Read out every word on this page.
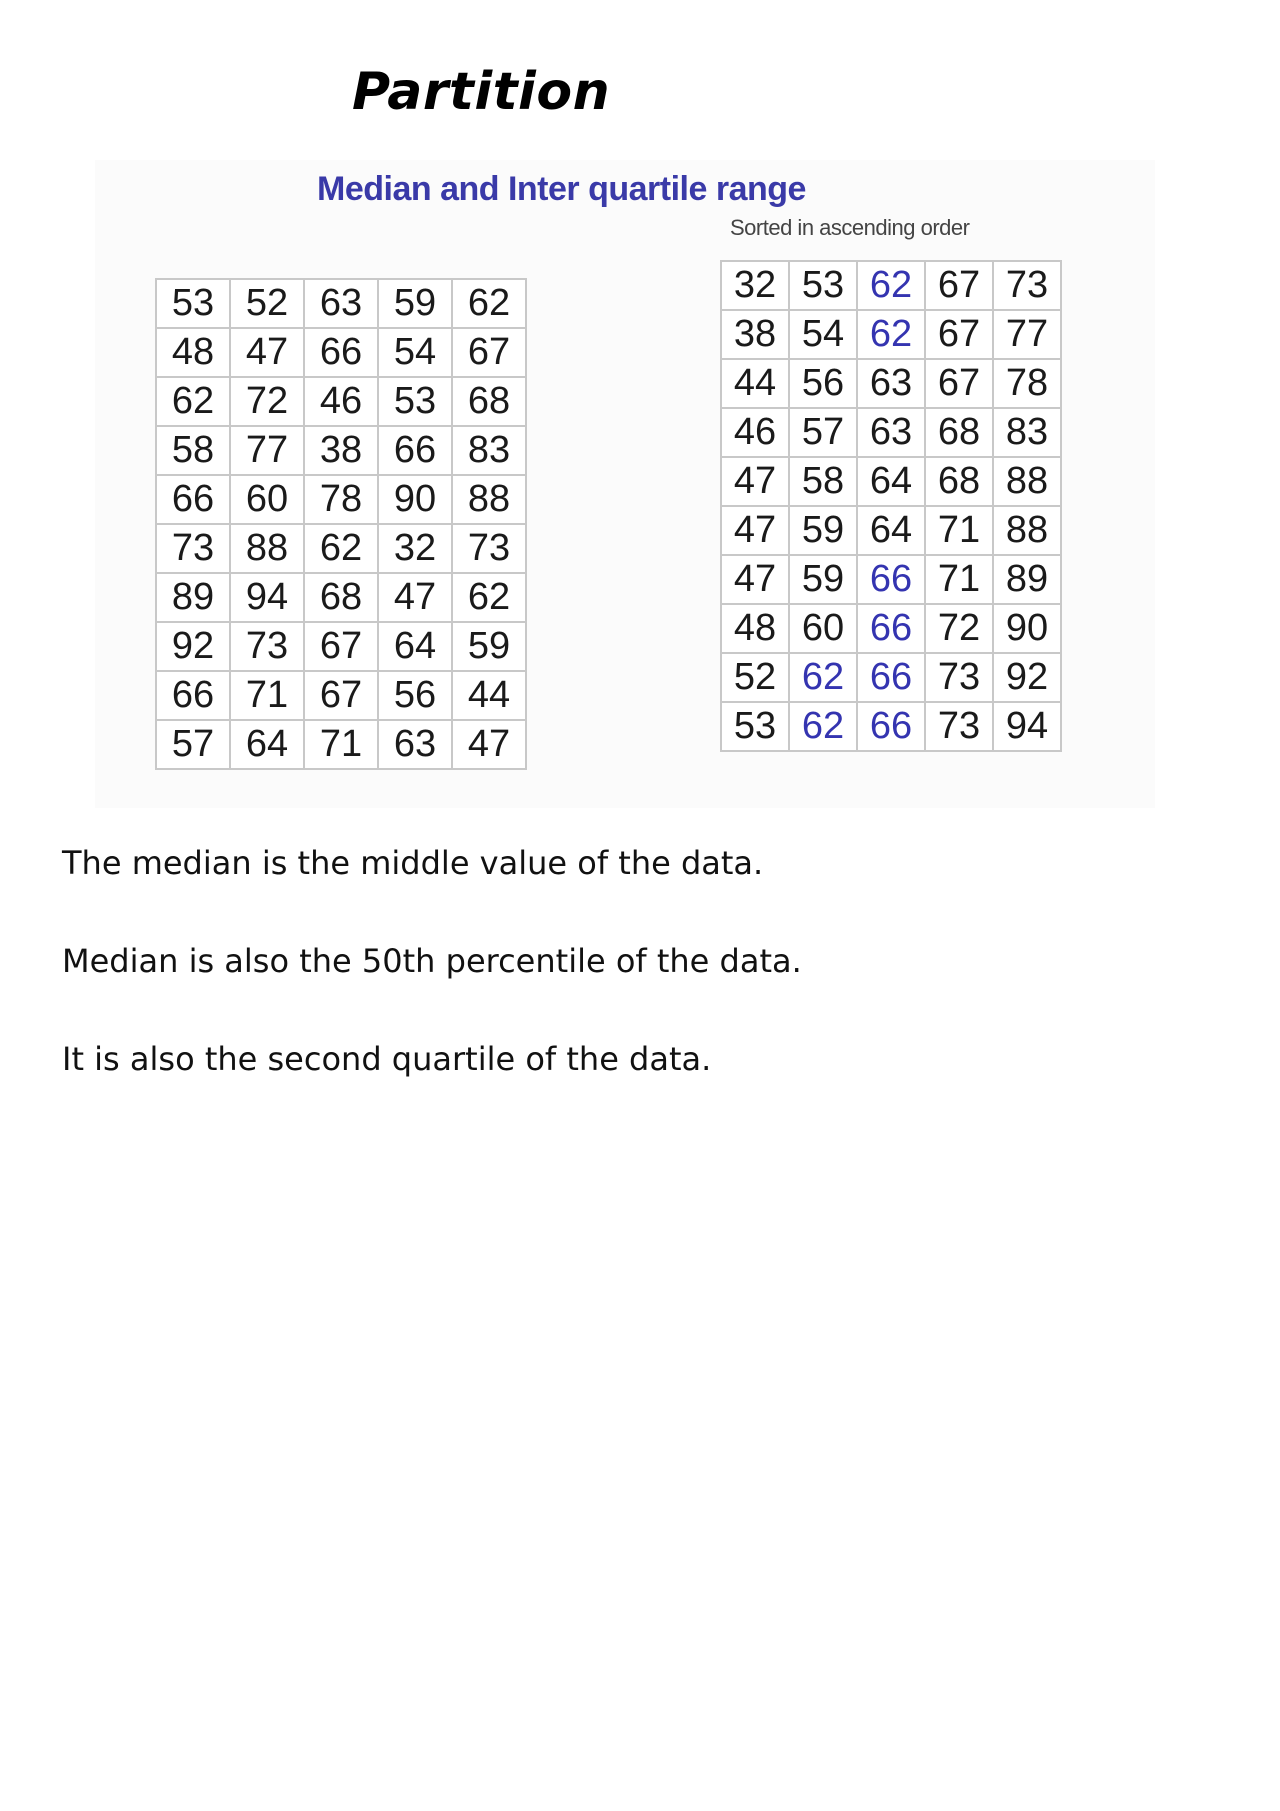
Partition
Median and Inter quartile range
Sorted in ascending order
53	52	63	59	62
48	47	66	54	67
62	72	46	53	68
58	77	38	66	83
66	60	78	90	88
73	88	62	32	73
89	94	68	47	62
92	73	67	64	59
66	71	67	56	44
57	64	71	63	47
32	53	62	67	73
38	54	62	67	77
44	56	63	67	78
46	57	63	68	83
47	58	64	68	88
47	59	64	71	88
47	59	66	71	89
48	60	66	72	90
52	62	66	73	92
53	62	66	73	94

The median is the middle value of the data.

Median is also the 50th percentile of the data.

It is also the second quartile of the data.
